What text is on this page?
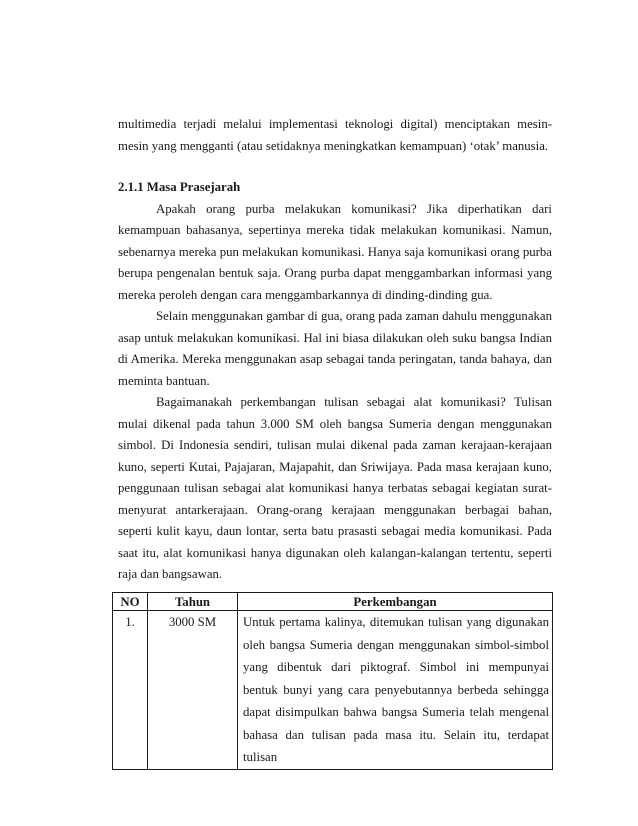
multimedia terjadi melalui implementasi teknologi digital) menciptakan mesin-mesin yang mengganti (atau setidaknya meningkatkan kemampuan) ‘otak’ manusia.

2.1.1 Masa Prasejarah

Apakah orang purba melakukan komunikasi? Jika diperhatikan dari kemampuan bahasanya, sepertinya mereka tidak melakukan komunikasi. Namun, sebenarnya mereka pun melakukan komunikasi. Hanya saja komunikasi orang purba berupa pengenalan bentuk saja. Orang purba dapat menggambarkan informasi yang mereka peroleh dengan cara menggambarkannya di dinding-dinding gua.

Selain menggunakan gambar di gua, orang pada zaman dahulu menggunakan asap untuk melakukan komunikasi. Hal ini biasa dilakukan oleh suku bangsa Indian di Amerika. Mereka menggunakan asap sebagai tanda peringatan, tanda bahaya, dan meminta bantuan.

Bagaimanakah perkembangan tulisan sebagai alat komunikasi? Tulisan mulai dikenal pada tahun 3.000 SM oleh bangsa Sumeria dengan menggunakan simbol. Di Indonesia sendiri, tulisan mulai dikenal pada zaman kerajaan-kerajaan kuno, seperti Kutai, Pajajaran, Majapahit, dan Sriwijaya. Pada masa kerajaan kuno, penggunaan tulisan sebagai alat komunikasi hanya terbatas sebagai kegiatan surat-menyurat antarkerajaan. Orang-orang kerajaan menggunakan berbagai bahan, seperti kulit kayu, daun lontar, serta batu prasasti sebagai media komunikasi. Pada saat itu, alat komunikasi hanya digunakan oleh kalangan-kalangan tertentu, seperti raja dan bangsawan.

NO	Tahun	Perkembangan
1.	3000 SM	Untuk pertama kalinya, ditemukan tulisan yang digunakan oleh bangsa Sumeria dengan menggunakan simbol-simbol yang dibentuk dari piktograf. Simbol ini mempunyai bentuk bunyi yang cara penyebutannya berbeda sehingga dapat disimpulkan bahwa bangsa Sumeria telah mengenal bahasa dan tulisan pada masa itu. Selain itu, terdapat tulisan
